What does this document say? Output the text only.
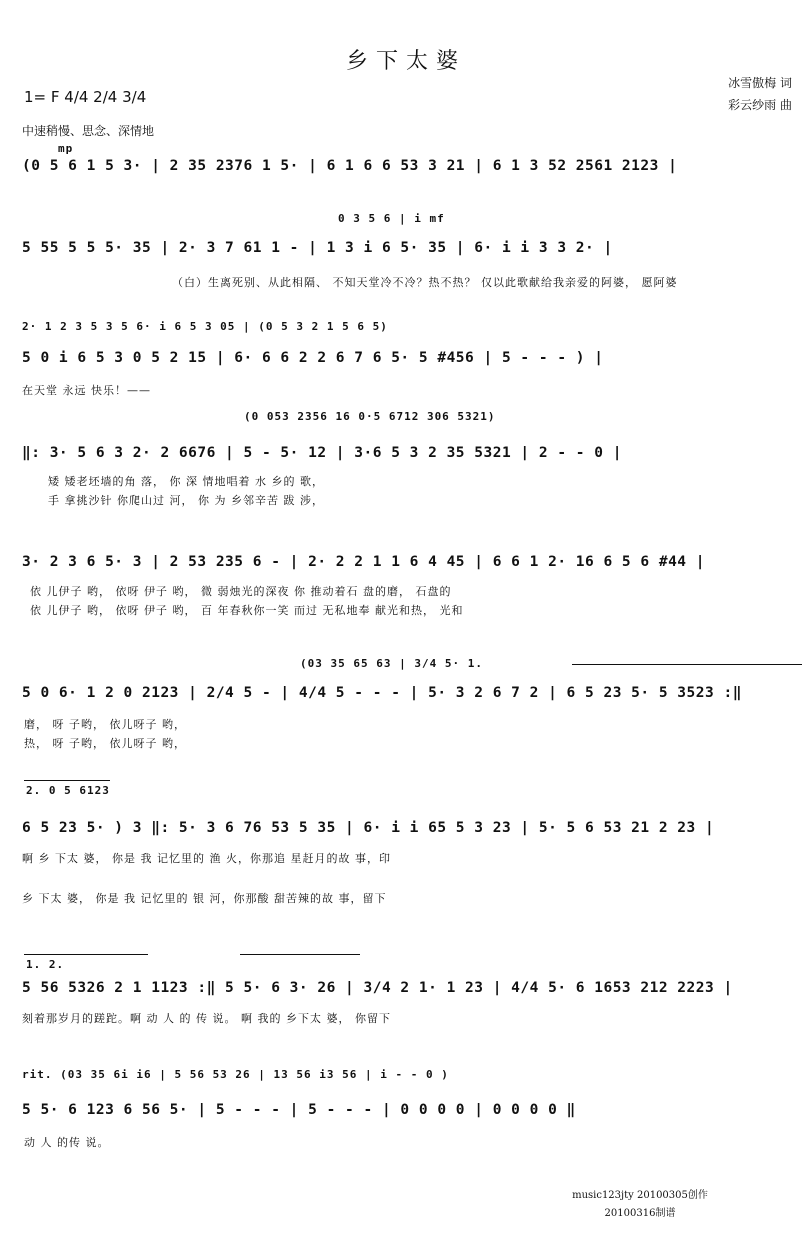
乡下太婆
1= F 4/4 2/4 3/4
冰雪傲梅 词
彩云纱雨 曲
中速稍慢、思念、深情地
mp
(0 5 6 1 5 3· | 2 35 2376 1 5· | 6 1 6 6 53 3 21 | 6 1 3 52 2561 2123 |
0 3 5 6 | i mf
5 55 5 5 5· 35 | 2· 3 7 61 1 - | 1 3 i 6 5· 35 | 6· i i 3 3 2· |
（白）生离死别、从此相隔、 不知天堂冷不冷？热不热？ 仅以此歌献给我亲爱的阿婆， 愿阿婆
2· 1 2 3 5 3 5 6· i 6 5 3 05 | (0 5 3 2 1 5 6 5)
5 0 i 6 5 3 0 5 2 15 | 6· 6 6 2 2 6 7 6 5· 5 #456 | 5 - - - ) |
在天堂 永远 快乐！——
(0 053 2356 16 0·5 6712 306 5321)
‖: 3· 5 6 3 2· 2 6676 | 5 - 5· 12 | 3·6 5 3 2 35 5321 | 2 - - 0 |
矮 矮老坯墙的角 落， 你 深 情地唱着 水 乡的 歌，
手 拿挑沙针 你爬山过 河， 你 为 乡邻辛苦 跋 涉，
3· 2 3 6 5· 3 | 2 53 235 6 - | 2· 2 2 1 1 6 4 45 | 6 6 1 2· 16 6 5 6 #44 |
依 儿伊子 哟， 依呀 伊子 哟， 微 弱烛光的深夜 你 推动着石 盘的磨， 石盘的
依 儿伊子 哟， 依呀 伊子 哟， 百 年春秋你一笑 而过 无私地奉 献光和热， 光和
(03 35 65 63 | 3/4 5· 1.
5 0 6· 1 2 0 2123 | 2/4 5 - | 4/4 5 - - - | 5· 3 2 6 7 2 | 6 5 23 5· 5 3523 :‖
磨， 呀 子哟， 依儿呀子 哟，
热， 呀 子哟， 依儿呀子 哟，
2. 0 5 6123
6 5 23 5· ) 3 ‖: 5· 3 6 76 53 5 35 | 6· i i 65 5 3 23 | 5· 5 6 53 21 2 23 |
啊 乡 下太 婆， 你是 我 记忆里的 渔 火，你那追 星赶月的故 事，印
乡 下太 婆， 你是 我 记忆里的 银 河，你那酸 甜苦辣的故 事，留下
1. 2.
5 56 5326 2 1 1123 :‖ 5 5· 6 3· 26 | 3/4 2 1· 1 23 | 4/4 5· 6 1653 212 2223 |
刻着那岁月的蹉跎。啊 动 人 的 传 说。 啊 我的 乡下太 婆， 你留下
rit. (03 35 6i i6 | 5 56 53 26 | 13 56 i3 56 | i - - 0 )
5 5· 6 123 6 56 5· | 5 - - - | 5 - - - | 0 0 0 0 | 0 0 0 0 ‖
动 人 的传 说。
music123jty 20100305创作
20100316制谱
